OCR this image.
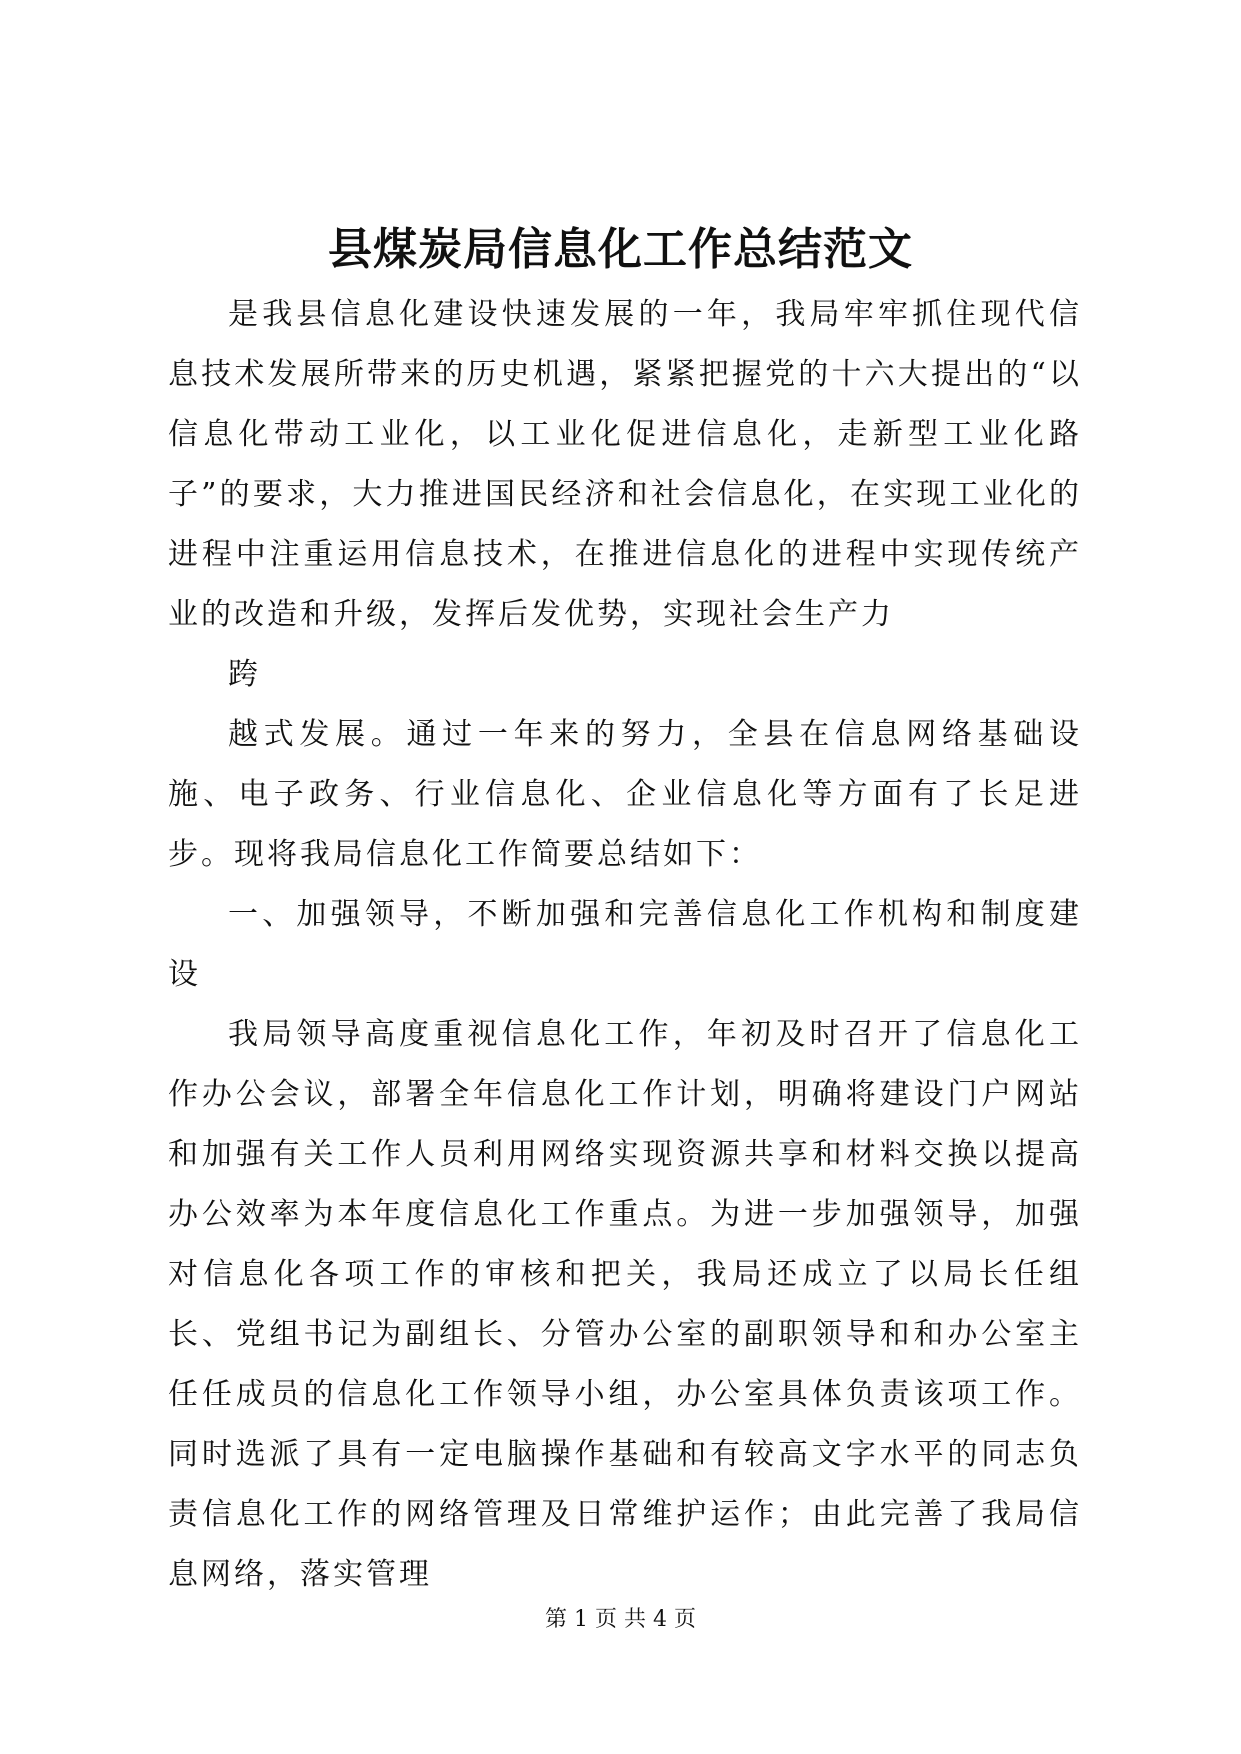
县煤炭局信息化工作总结范文

是我县信息化建设快速发展的一年，我局牢牢抓住现代信息技术发展所带来的历史机遇，紧紧把握党的十六大提出的“以信息化带动工业化，以工业化促进信息化，走新型工业化路子”的要求，大力推进国民经济和社会信息化，在实现工业化的进程中注重运用信息技术，在推进信息化的进程中实现传统产业的改造和升级，发挥后发优势，实现社会生产力

跨

越式发展。通过一年来的努力，全县在信息网络基础设施、电子政务、行业信息化、企业信息化等方面有了长足进步。现将我局信息化工作简要总结如下：

一、加强领导，不断加强和完善信息化工作机构和制度建设

我局领导高度重视信息化工作，年初及时召开了信息化工作办公会议，部署全年信息化工作计划，明确将建设门户网站和加强有关工作人员利用网络实现资源共享和材料交换以提高办公效率为本年度信息化工作重点。为进一步加强领导，加强对信息化各项工作的审核和把关，我局还成立了以局长任组长、党组书记为副组长、分管办公室的副职领导和和办公室主任任成员的信息化工作领导小组，办公室具体负责该项工作。同时选派了具有一定电脑操作基础和有较高文字水平的同志负责信息化工作的网络管理及日常维护运作；由此完善了我局信息网络，落实管理

第 1 页 共 4 页
